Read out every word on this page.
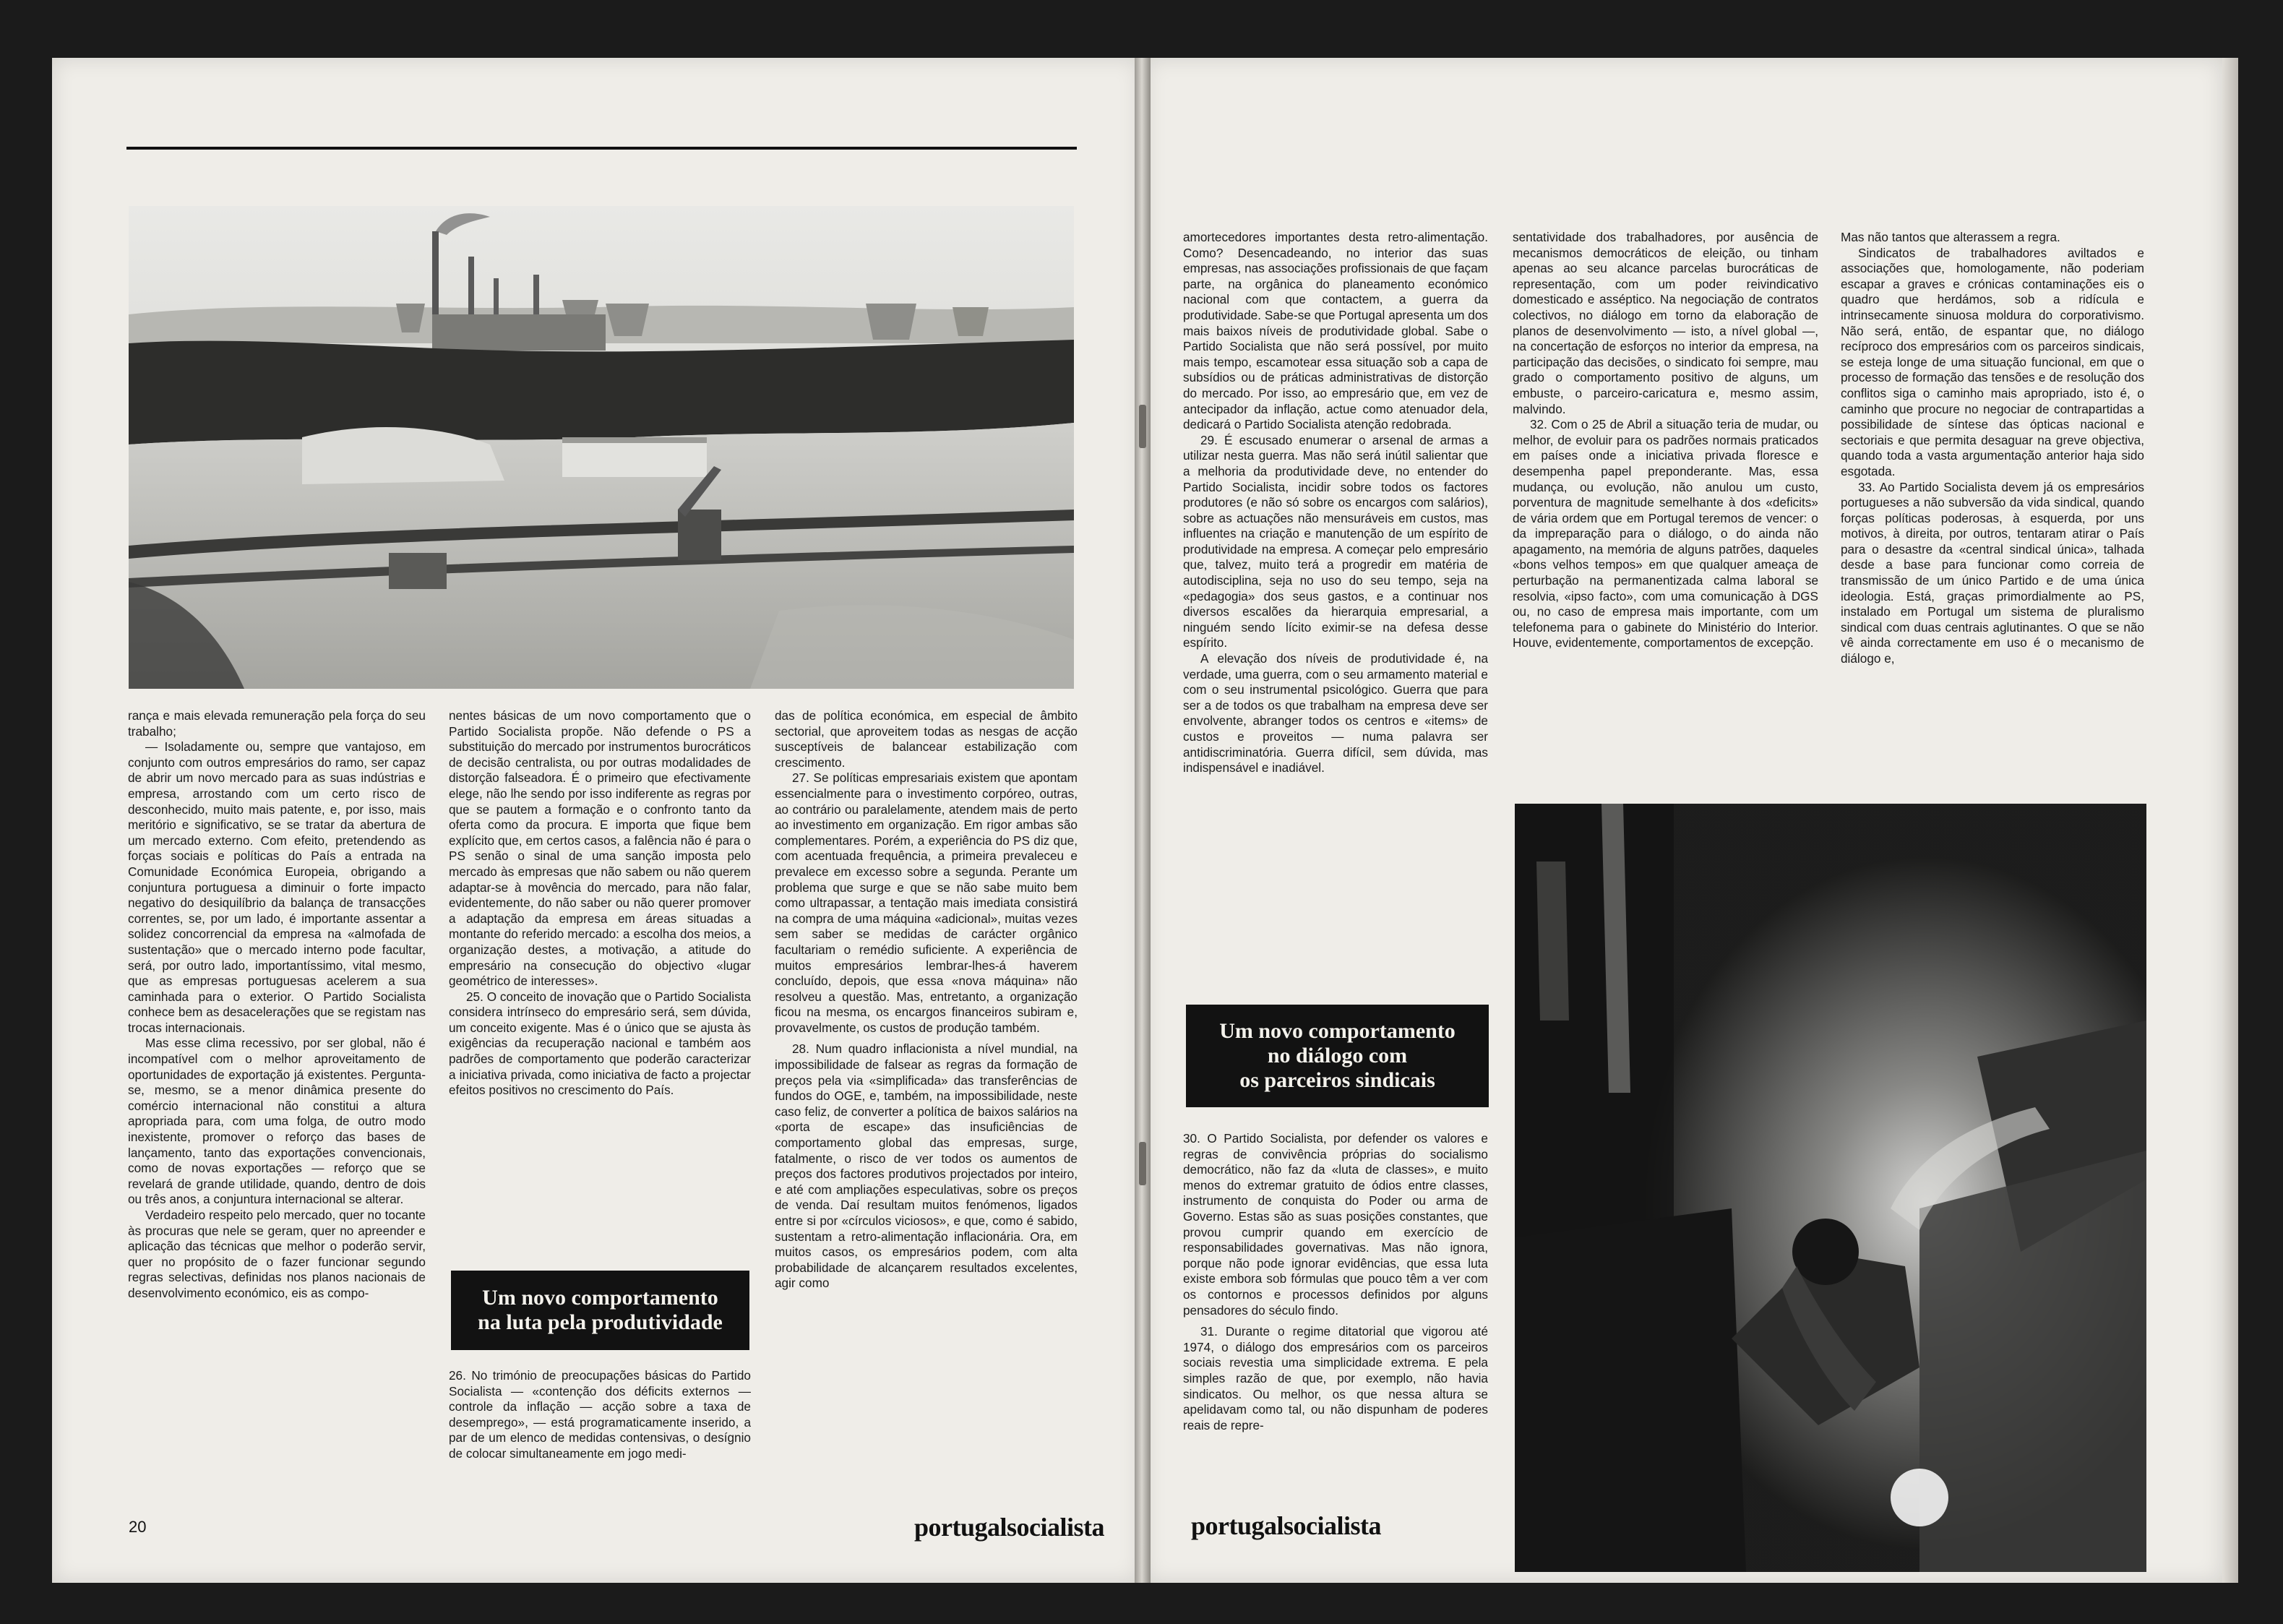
rança e mais elevada remuneração pela força do seu trabalho;

— Isoladamente ou, sempre que vantajoso, em conjunto com outros empresários do ramo, ser capaz de abrir um novo mercado para as suas indústrias e empresa, arrostando com um certo risco de desconhecido, muito mais patente, e, por isso, mais meritório e significativo, se se tratar da abertura de um mercado externo. Com efeito, pretendendo as forças sociais e políticas do País a entrada na Comunidade Económica Europeia, obrigando a conjuntura portuguesa a diminuir o forte impacto negativo do desiquilíbrio da balança de transacções correntes, se, por um lado, é importante assentar a solidez concorrencial da empresa na «almofada de sustentação» que o mercado interno pode facultar, será, por outro lado, importantíssimo, vital mesmo, que as empresas portuguesas acelerem a sua caminhada para o exterior. O Partido Socialista conhece bem as desacelerações que se registam nas trocas internacionais.

Mas esse clima recessivo, por ser global, não é incompatível com o melhor aproveitamento de oportunidades de exportação já existentes. Pergunta-se, mesmo, se a menor dinâmica presente do comércio internacional não constitui a altura apropriada para, com uma folga, de outro modo inexistente, promover o reforço das bases de lançamento, tanto das exportações convencionais, como de novas exportações — reforço que se revelará de grande utilidade, quando, dentro de dois ou três anos, a conjuntura internacional se alterar.

Verdadeiro respeito pelo mercado, quer no tocante às procuras que nele se geram, quer no apreender e aplicação das técnicas que melhor o poderão servir, quer no propósito de o fazer funcionar segundo regras selectivas, definidas nos planos nacionais de desenvolvimento económico, eis as compo-

nentes básicas de um novo comportamento que o Partido Socialista propõe. Não defende o PS a substituição do mercado por instrumentos burocráticos de decisão centralista, ou por outras modalidades de distorção falseadora. É o primeiro que efectivamente elege, não lhe sendo por isso indiferente as regras por que se pautem a formação e o confronto tanto da oferta como da procura. E importa que fique bem explícito que, em certos casos, a falência não é para o PS senão o sinal de uma sanção imposta pelo mercado às empresas que não sabem ou não querem adaptar-se à movência do mercado, para não falar, evidentemente, do não saber ou não querer promover a adaptação da empresa em áreas situadas a montante do referido mercado: a escolha dos meios, a organização destes, a motivação, a atitude do empresário na consecução do objectivo «lugar geométrico de interesses».

25. O conceito de inovação que o Partido Socialista considera intrínseco do empresário será, sem dúvida, um conceito exigente. Mas é o único que se ajusta às exigências da recuperação nacional e também aos padrões de comportamento que poderão caracterizar a iniciativa privada, como iniciativa de facto a projectar efeitos positivos no crescimento do País.

Um novo comportamento
na luta pela produtividade

26. No trimónio de preocupações básicas do Partido Socialista — «contenção dos déficits externos — controle da inflação — acção sobre a taxa de desemprego», — está programaticamente inserido, a par de um elenco de medidas contensivas, o desígnio de colocar simultaneamente em jogo medi-

das de política económica, em especial de âmbito sectorial, que aproveitem todas as nesgas de acção susceptíveis de balancear estabilização com crescimento.

27. Se políticas empresariais existem que apontam essencialmente para o investimento corpóreo, outras, ao contrário ou paralelamente, atendem mais de perto ao investimento em organização. Em rigor ambas são complementares. Porém, a experiência do PS diz que, com acentuada frequência, a primeira prevaleceu e prevalece em excesso sobre a segunda. Perante um problema que surge e que se não sabe muito bem como ultrapassar, a tentação mais imediata consistirá na compra de uma máquina «adicional», muitas vezes sem saber se medidas de carácter orgânico facultariam o remédio suficiente. A experiência de muitos empresários lembrar-lhes-á haverem concluído, depois, que essa «nova máquina» não resolveu a questão. Mas, entretanto, a organização ficou na mesma, os encargos financeiros subiram e, provavelmente, os custos de produção também.

28. Num quadro inflacionista a nível mundial, na impossibilidade de falsear as regras da formação de preços pela via «simplificada» das transferências de fundos do OGE, e, também, na impossibilidade, neste caso feliz, de converter a política de baixos salários na «porta de escape» das insuficiências de comportamento global das empresas, surge, fatalmente, o risco de ver todos os aumentos de preços dos factores produtivos projectados por inteiro, e até com ampliações especulativas, sobre os preços de venda. Daí resultam muitos fenómenos, ligados entre si por «círculos viciosos», e que, como é sabido, sustentam a retro-alimentação inflacionária. Ora, em muitos casos, os empresários podem, com alta probabilidade de alcançarem resultados excelentes, agir como

20	portugalsocialista

amortecedores importantes desta retro-alimentação. Como? Desencadeando, no interior das suas empresas, nas associações profissionais de que façam parte, na orgânica do planeamento económico nacional com que contactem, a guerra da produtividade. Sabe-se que Portugal apresenta um dos mais baixos níveis de produtividade global. Sabe o Partido Socialista que não será possível, por muito mais tempo, escamotear essa situação sob a capa de subsídios ou de práticas administrativas de distorção do mercado. Por isso, ao empresário que, em vez de antecipador da inflação, actue como atenuador dela, dedicará o Partido Socialista atenção redobrada.

29. É escusado enumerar o arsenal de armas a utilizar nesta guerra. Mas não será inútil salientar que a melhoria da produtividade deve, no entender do Partido Socialista, incidir sobre todos os factores produtores (e não só sobre os encargos com salários), sobre as actuações não mensuráveis em custos, mas influentes na criação e manutenção de um espírito de produtividade na empresa. A começar pelo empresário que, talvez, muito terá a progredir em matéria de autodisciplina, seja no uso do seu tempo, seja na «pedagogia» dos seus gastos, e a continuar nos diversos escalões da hierarquia empresarial, a ninguém sendo lícito eximir-se na defesa desse espírito.

A elevação dos níveis de produtividade é, na verdade, uma guerra, com o seu armamento material e com o seu instrumental psicológico. Guerra que para ser a de todos os que trabalham na empresa deve ser envolvente, abranger todos os centros e «items» de custos e proveitos — numa palavra ser antidiscriminatória. Guerra difícil, sem dúvida, mas indispensável e inadiável.

Um novo comportamento
no diálogo com
os parceiros sindicais

30. O Partido Socialista, por defender os valores e regras de convivência próprias do socialismo democrático, não faz da «luta de classes», e muito menos do extremar gratuito de ódios entre classes, instrumento de conquista do Poder ou arma de Governo. Estas são as suas posições constantes, que provou cumprir quando em exercício de responsabilidades governativas. Mas não ignora, porque não pode ignorar evidências, que essa luta existe embora sob fórmulas que pouco têm a ver com os contornos e processos definidos por alguns pensadores do século findo.

31. Durante o regime ditatorial que vigorou até 1974, o diálogo dos empresários com os parceiros sociais revestia uma simplicidade extrema. E pela simples razão de que, por exemplo, não havia sindicatos. Ou melhor, os que nessa altura se apelidavam como tal, ou não dispunham de poderes reais de repre-

sentatividade dos trabalhadores, por ausência de mecanismos democráticos de eleição, ou tinham apenas ao seu alcance parcelas burocráticas de representação, com um poder reivindicativo domesticado e asséptico. Na negociação de contratos colectivos, no diálogo em torno da elaboração de planos de desenvolvimento — isto, a nível global —, na concertação de esforços no interior da empresa, na participação das decisões, o sindicato foi sempre, mau grado o comportamento positivo de alguns, um embuste, o parceiro-caricatura e, mesmo assim, malvindo.

32. Com o 25 de Abril a situação teria de mudar, ou melhor, de evoluir para os padrões normais praticados em países onde a iniciativa privada floresce e desempenha papel preponderante. Mas, essa mudança, ou evolução, não anulou um custo, porventura de magnitude semelhante à dos «deficits» de vária ordem que em Portugal teremos de vencer: o da impreparação para o diálogo, o do ainda não apagamento, na memória de alguns patrões, daqueles «bons velhos tempos» em que qualquer ameaça de perturbação na permanentizada calma laboral se resolvia, «ipso facto», com uma comunicação à DGS ou, no caso de empresa mais importante, com um telefonema para o gabinete do Ministério do Interior. Houve, evidentemente, comportamentos de excepção.

Mas não tantos que alterassem a regra.

Sindicatos de trabalhadores aviltados e associações que, homologamente, não poderiam escapar a graves e crónicas contaminações eis o quadro que herdámos, sob a ridícula e intrinsecamente sinuosa moldura do corporativismo. Não será, então, de espantar que, no diálogo recíproco dos empresários com os parceiros sindicais, se esteja longe de uma situação funcional, em que o processo de formação das tensões e de resolução dos conflitos siga o caminho mais apropriado, isto é, o caminho que procure no negociar de contrapartidas a possibilidade de síntese das ópticas nacional e sectoriais e que permita desaguar na greve objectiva, quando toda a vasta argumentação anterior haja sido esgotada.

33. Ao Partido Socialista devem já os empresários portugueses a não subversão da vida sindical, quando forças políticas poderosas, à esquerda, por uns motivos, à direita, por outros, tentaram atirar o País para o desastre da «central sindical única», talhada desde a base para funcionar como correia de transmissão de um único Partido e de uma única ideologia. Está, graças primordialmente ao PS, instalado em Portugal um sistema de pluralismo sindical com duas centrais aglutinantes. O que se não vê ainda correctamente em uso é o mecanismo de diálogo e,

portugalsocialista
